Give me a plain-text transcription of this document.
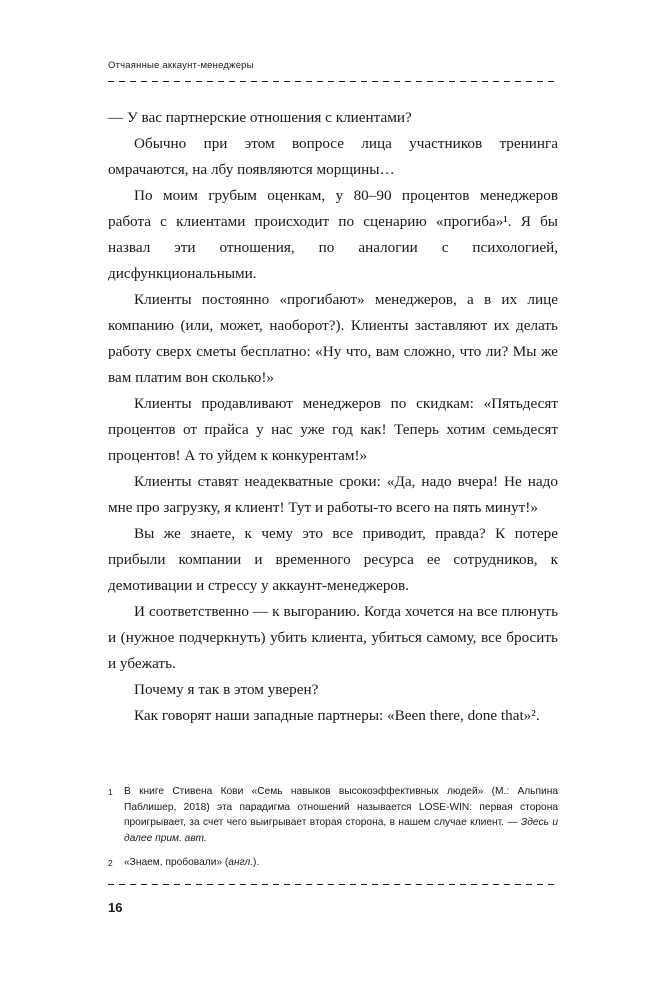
Отчаянные аккаунт-менеджеры

— У вас партнерские отношения с клиентами?

Обычно при этом вопросе лица участников тренинга омрачаются, на лбу появляются морщины…

По моим грубым оценкам, у 80–90 процентов менеджеров работа с клиентами происходит по сценарию «прогиба»¹. Я бы назвал эти отношения, по аналогии с психологией, дисфункциональными.

Клиенты постоянно «прогибают» менеджеров, а в их лице компанию (или, может, наоборот?). Клиенты заставляют их делать работу сверх сметы бесплатно: «Ну что, вам сложно, что ли? Мы же вам платим вон сколько!»

Клиенты продавливают менеджеров по скидкам: «Пятьдесят процентов от прайса у нас уже год как! Теперь хотим семьдесят процентов! А то уйдем к конкурентам!»

Клиенты ставят неадекватные сроки: «Да, надо вчера! Не надо мне про загрузку, я клиент! Тут и работы-то всего на пять минут!»

Вы же знаете, к чему это все приводит, правда? К потере прибыли компании и временного ресурса ее сотрудников, к демотивации и стрессу у аккаунт-менеджеров.

И соответственно — к выгоранию. Когда хочется на все плюнуть и (нужное подчеркнуть) убить клиента, убиться самому, все бросить и убежать.

Почему я так в этом уверен?

Как говорят наши западные партнеры: «Been there, done that»².

1	В книге Стивена Кови «Семь навыков высокоэффективных людей» (М.: Альпина Паблишер, 2018) эта парадигма отношений называется LOSE-WIN: первая сторона проигрывает, за счет чего выигрывает вторая сторона, в нашем случае клиент. — Здесь и далее прим. авт.
2	«Знаем, пробовали» (англ.).
16
